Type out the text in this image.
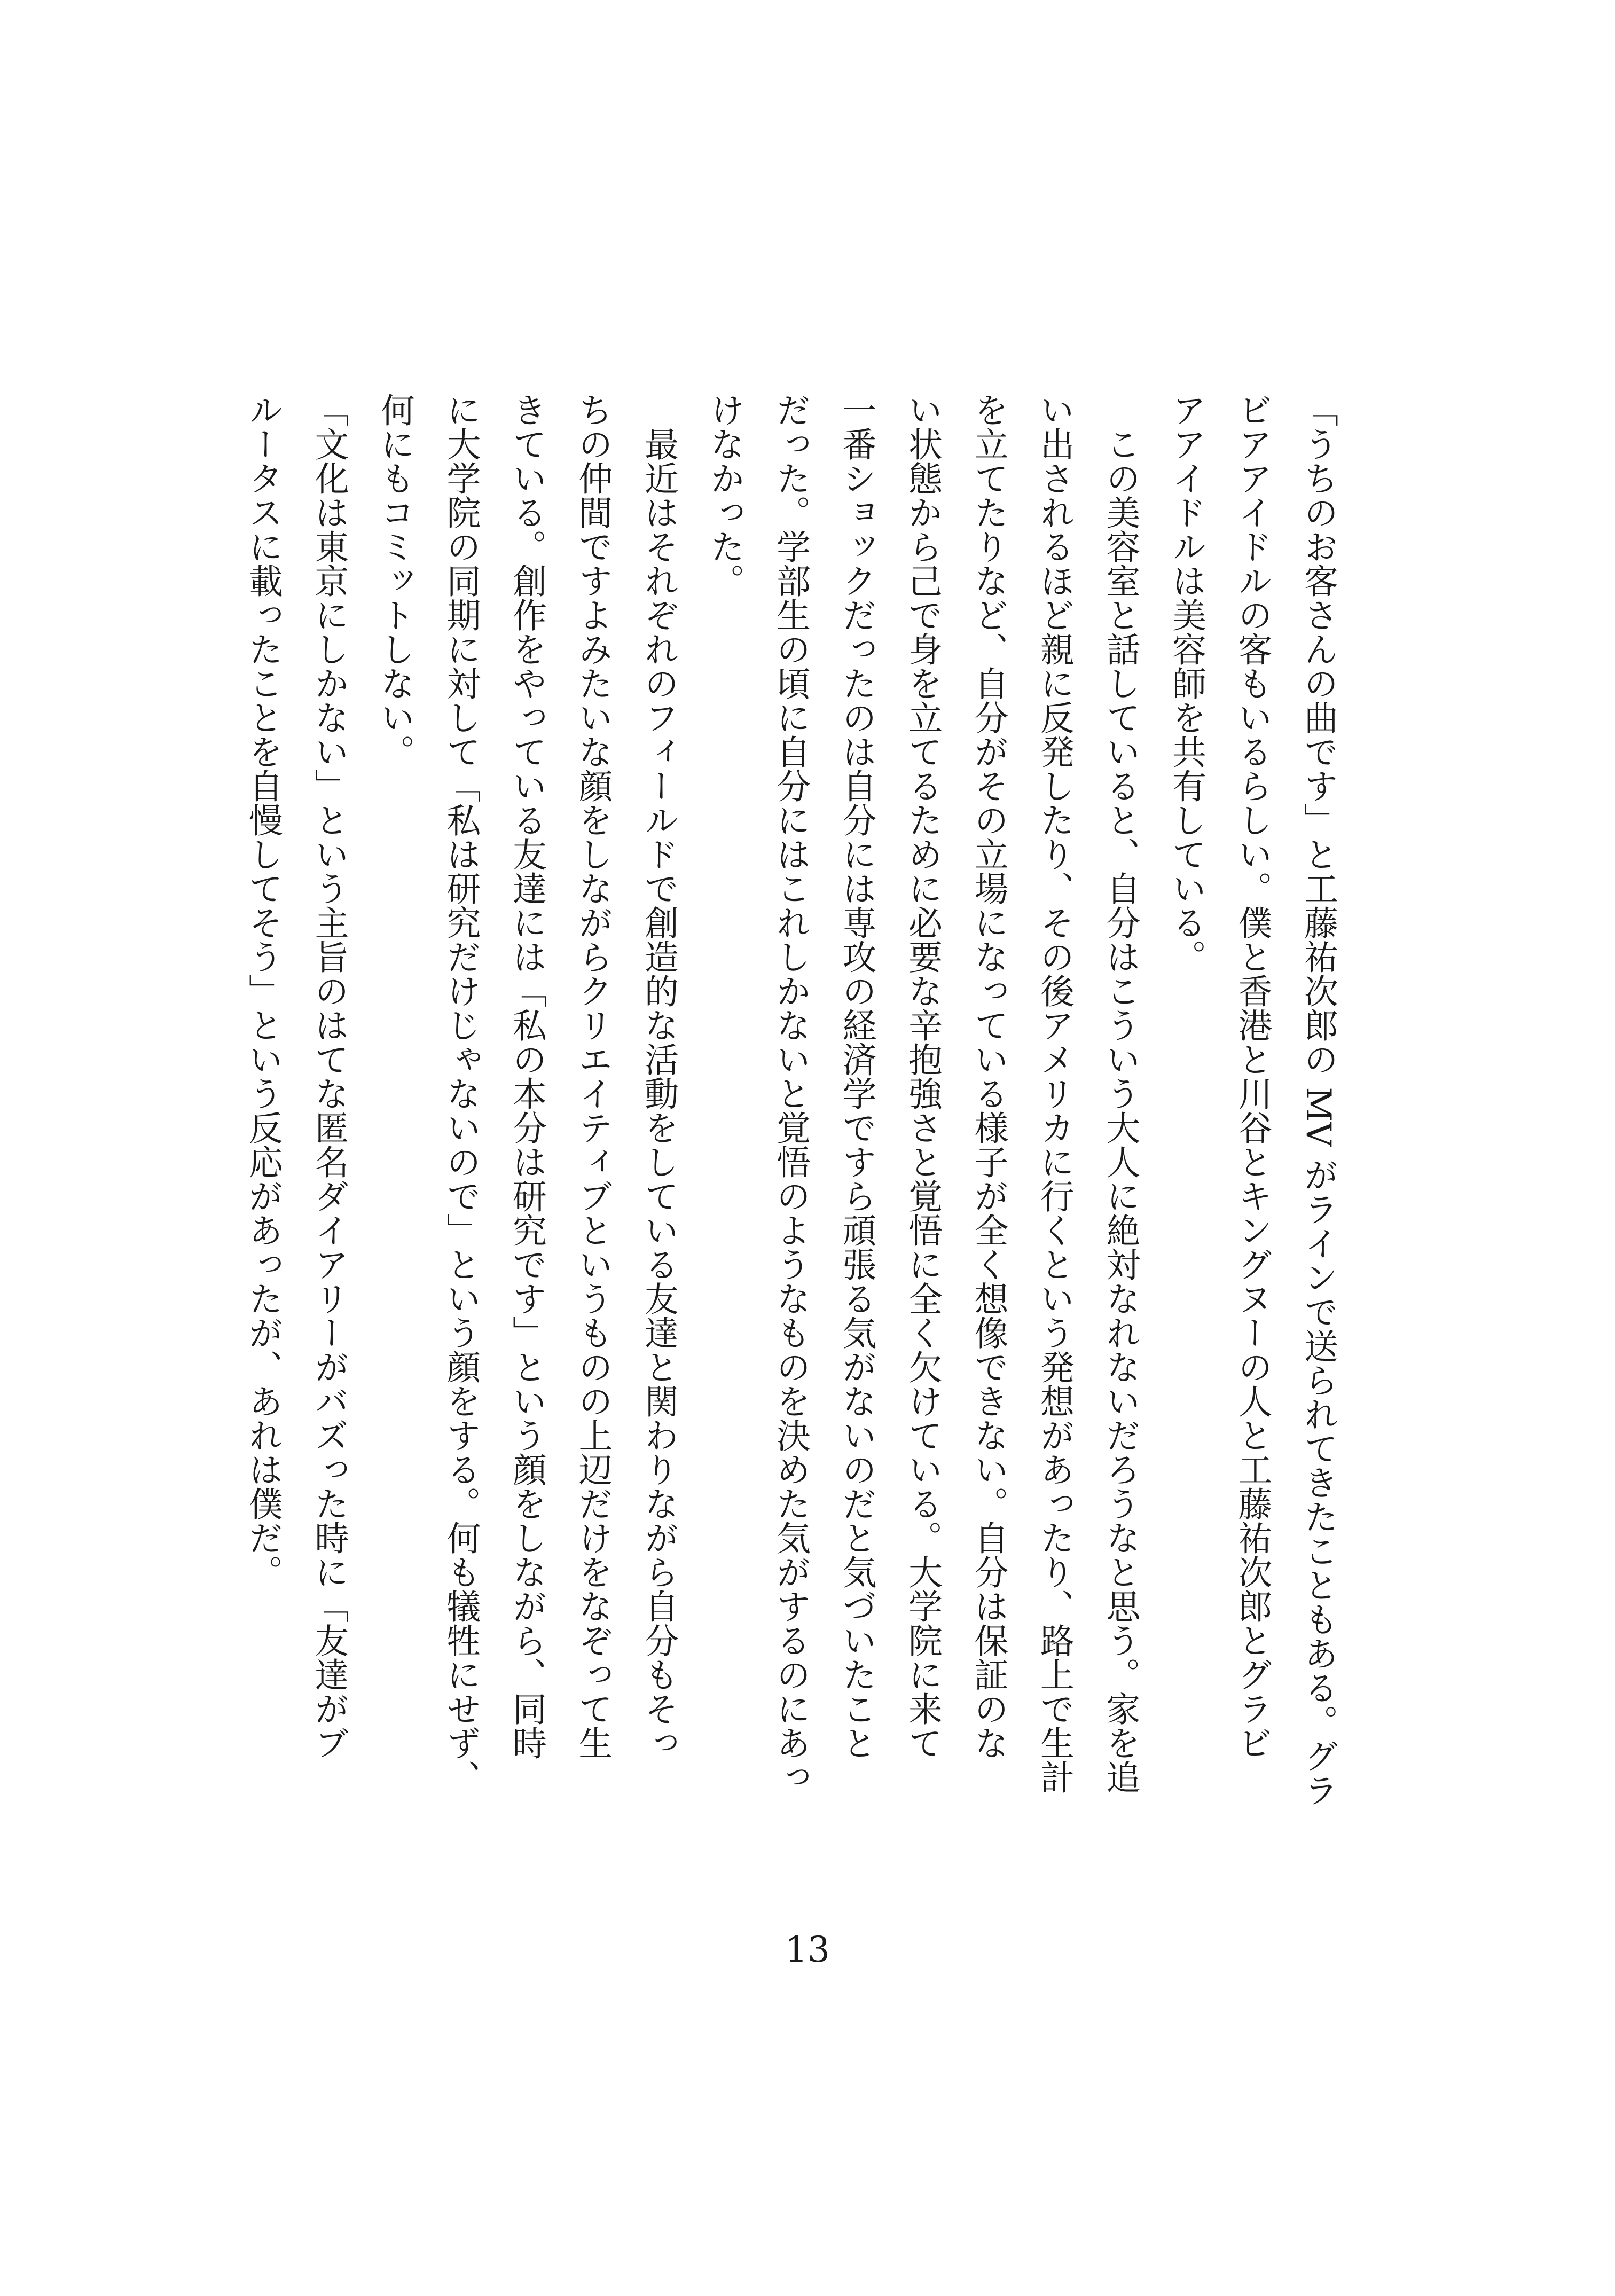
「うちのお客さんの曲です」と工藤祐次郎の MV がラインで送られてきたこともある。グラ
ビアアイドルの客もいるらしい。僕と香港と川谷とキングヌーの人と工藤祐次郎とグラビ
アアイドルは美容師を共有している。
　この美容室と話していると、自分はこういう大人に絶対なれないだろうなと思う。家を追
い出されるほど親に反発したり、その後アメリカに行くという発想があったり、路上で生計
を立てたりなど、自分がその立場になっている様子が全く想像できない。自分は保証のな
い状態から己で身を立てるために必要な辛抱強さと覚悟に全く欠けている。大学院に来て
一番ショックだったのは自分には専攻の経済学ですら頑張る気がないのだと気づいたこと
だった。学部生の頃に自分にはこれしかないと覚悟のようなものを決めた気がするのにあっ
けなかった。
　最近はそれぞれのフィールドで創造的な活動をしている友達と関わりながら自分もそっ
ちの仲間ですよみたいな顔をしながらクリエイティブというものの上辺だけをなぞって生
きている。創作をやっている友達には「私の本分は研究です」という顔をしながら、同時
に大学院の同期に対して「私は研究だけじゃないので」という顔をする。何も犠牲にせず、
何にもコミットしない。
「文化は東京にしかない」という主旨のはてな匿名ダイアリーがバズった時に「友達がブ
ルータスに載ったことを自慢してそう」という反応があったが、あれは僕だ。
13
